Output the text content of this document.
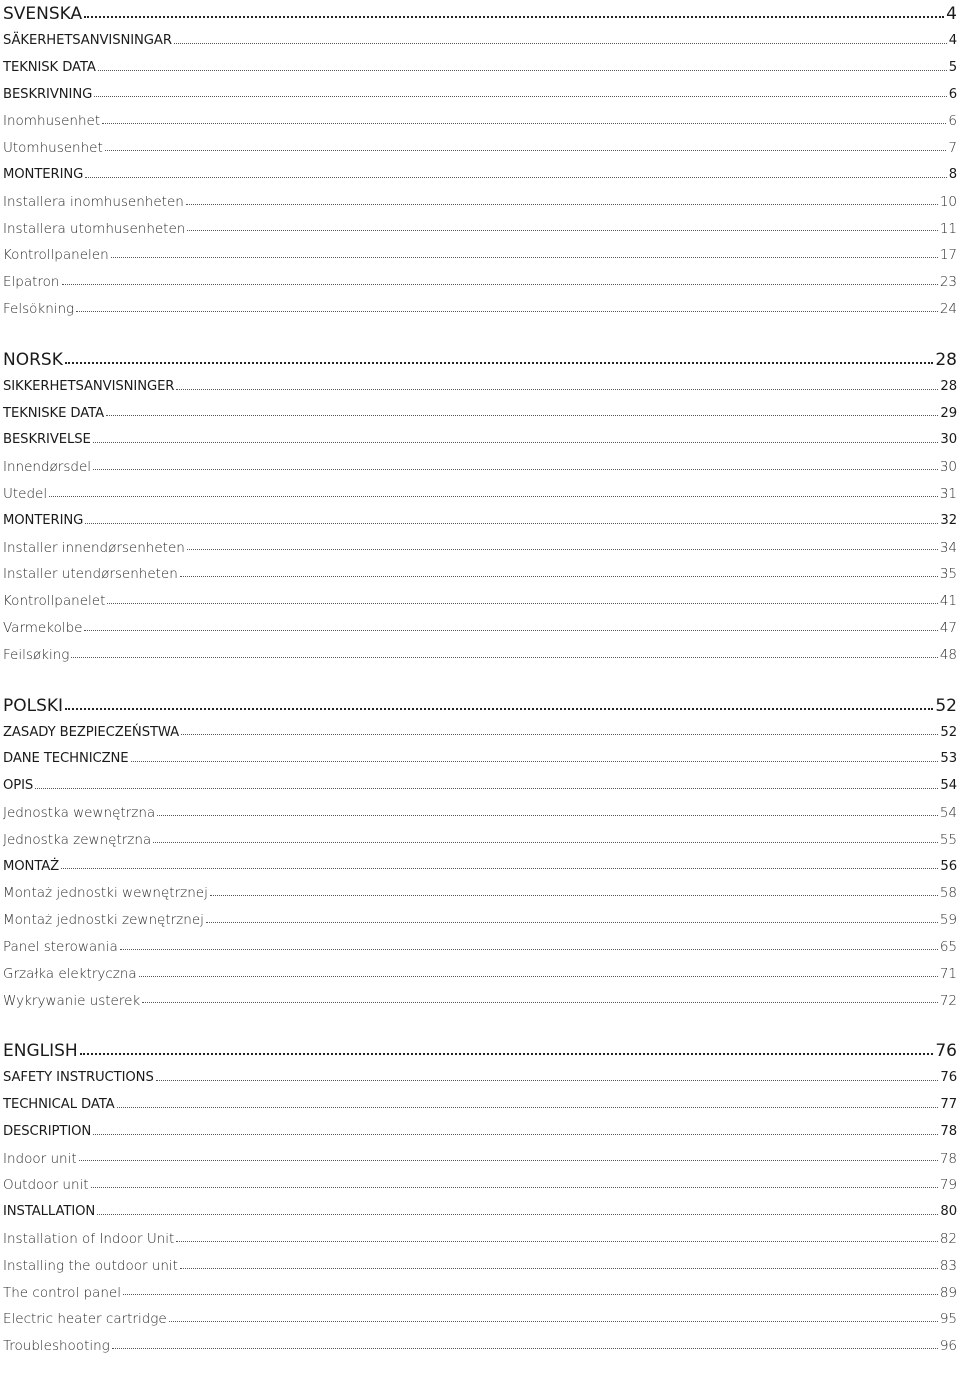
SVENSKA	4
SÄKERHETSANVISNINGAR	4
TEKNISK DATA	5
BESKRIVNING	6
Inomhusenhet	6
Utomhusenhet	7
MONTERING	8
Installera inomhusenheten	10
Installera utomhusenheten	11
Kontrollpanelen	17
Elpatron	23
Felsökning	24
NORSK	28
SIKKERHETSANVISNINGER	28
TEKNISKE DATA	29
BESKRIVELSE	30
Innendørsdel	30
Utedel	31
MONTERING	32
Installer innendørsenheten	34
Installer utendørsenheten	35
Kontrollpanelet	41
Varmekolbe	47
Feilsøking	48
POLSKI	52
ZASADY BEZPIECZEŃSTWA	52
DANE TECHNICZNE	53
OPIS	54
Jednostka wewnętrzna	54
Jednostka zewnętrzna	55
MONTAŻ	56
Montaż jednostki wewnętrznej	58
Montaż jednostki zewnętrznej	59
Panel sterowania	65
Grzałka elektryczna	71
Wykrywanie usterek	72
ENGLISH	76
SAFETY INSTRUCTIONS	76
TECHNICAL DATA	77
DESCRIPTION	78
Indoor unit	78
Outdoor unit	79
INSTALLATION	80
Installation of Indoor Unit	82
Installing the outdoor unit	83
The control panel	89
Electric heater cartridge	95
Troubleshooting	96
